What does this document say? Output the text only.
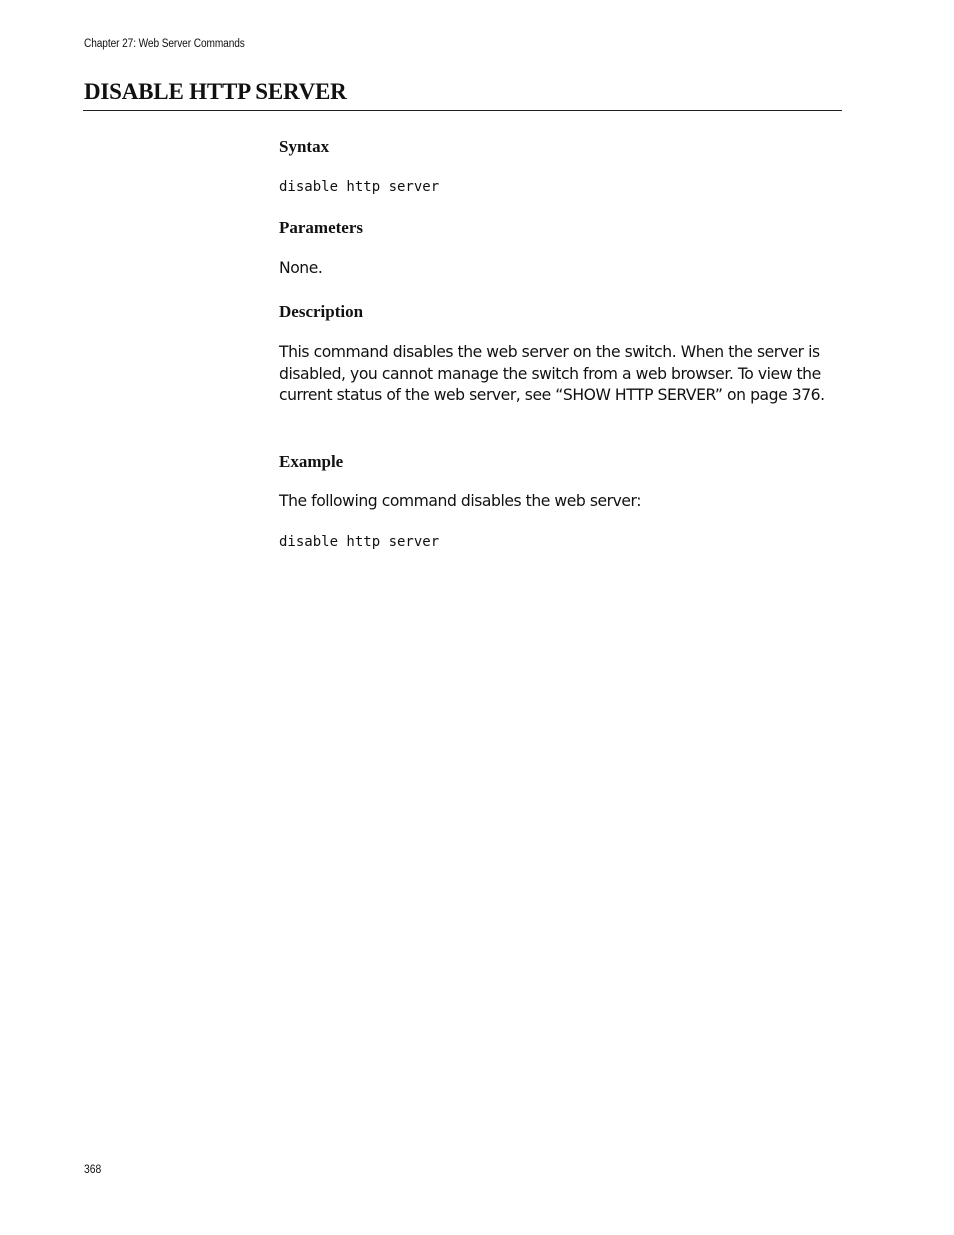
Chapter 27: Web Server Commands
DISABLE HTTP SERVER
Syntax
disable http server
Parameters

None.

Description

This command disables the web server on the switch. When the server is disabled, you cannot manage the switch from a web browser. To view the current status of the web server, see “SHOW HTTP SERVER” on page 376.

Example

The following command disables the web server:

disable http server
368
